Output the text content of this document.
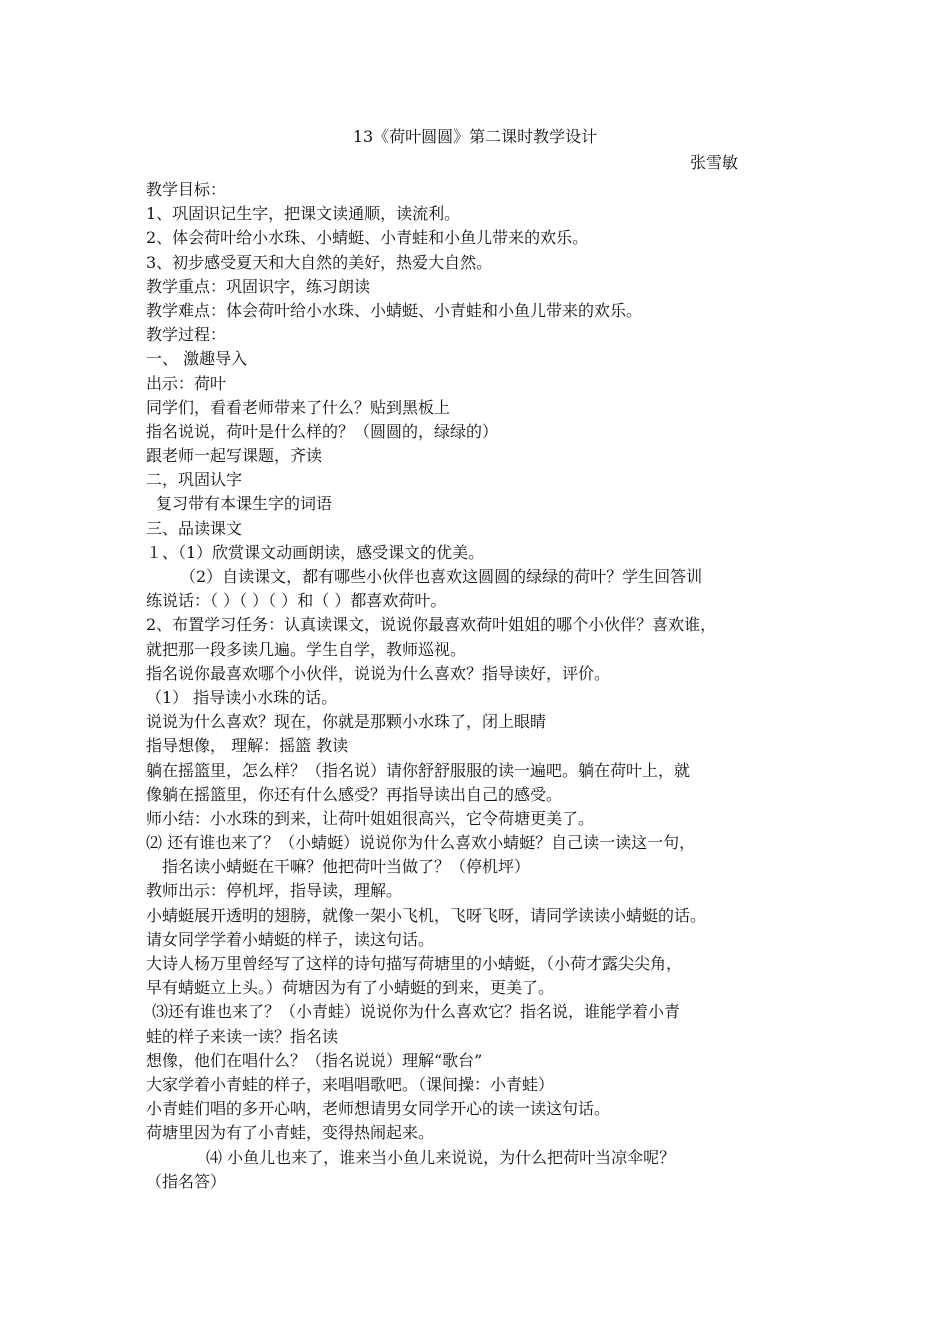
13《荷叶圆圆》第二课时教学设计
张雪敏
教学目标：
1、巩固识记生字，把课文读通顺，读流利。
2、体会荷叶给小水珠、小蜻蜓、小青蛙和小鱼儿带来的欢乐。
3、初步感受夏天和大自然的美好，热爱大自然。
教学重点：巩固识字，练习朗读
教学难点：体会荷叶给小水珠、小蜻蜓、小青蛙和小鱼儿带来的欢乐。
教学过程：
一、 激趣导入
出示：荷叶
同学们，看看老师带来了什么？贴到黑板上
指名说说，荷叶是什么样的？（圆圆的，绿绿的）
跟老师一起写课题，齐读
二，巩固认字
复习带有本课生字的词语
三、品读课文
１、（1）欣赏课文动画朗读，感受课文的优美。
（2）自读课文，都有哪些小伙伴也喜欢这圆圆的绿绿的荷叶？学生回答训
练说话：（ ）（ ）（ ）和（ ）都喜欢荷叶。
2、布置学习任务：认真读课文，说说你最喜欢荷叶姐姐的哪个小伙伴？喜欢谁，
就把那一段多读几遍。学生自学，教师巡视。
指名说你最喜欢哪个小伙伴，说说为什么喜欢？指导读好，评价。
（1） 指导读小水珠的话。
说说为什么喜欢？现在，你就是那颗小水珠了，闭上眼睛
指导想像， 理解：摇篮 教读
躺在摇篮里，怎么样？（指名说）请你舒舒服服的读一遍吧。躺在荷叶上，就
像躺在摇篮里，你还有什么感受？再指导读出自己的感受。
师小结：小水珠的到来，让荷叶姐姐很高兴，它令荷塘更美了。
⑵ 还有谁也来了？（小蜻蜓）说说你为什么喜欢小蜻蜓？自己读一读这一句，
指名读小蜻蜓在干嘛？他把荷叶当做了？（停机坪）
教师出示：停机坪，指导读，理解。
小蜻蜓展开透明的翅膀，就像一架小飞机，飞呀飞呀，请同学读读小蜻蜓的话。
请女同学学着小蜻蜓的样子，读这句话。
大诗人杨万里曾经写了这样的诗句描写荷塘里的小蜻蜓，（小荷才露尖尖角，
早有蜻蜓立上头。）荷塘因为有了小蜻蜓的到来，更美了。
⑶还有谁也来了？（小青蛙）说说你为什么喜欢它？指名说，谁能学着小青
蛙的样子来读一读？指名读
想像，他们在唱什么？（指名说说）理解“歌台”
大家学着小青蛙的样子，来唱唱歌吧。（课间操：小青蛙）
小青蛙们唱的多开心呐，老师想请男女同学开心的读一读这句话。
荷塘里因为有了小青蛙，变得热闹起来。
⑷ 小鱼儿也来了，谁来当小鱼儿来说说，为什么把荷叶当凉伞呢？
（指名答）
